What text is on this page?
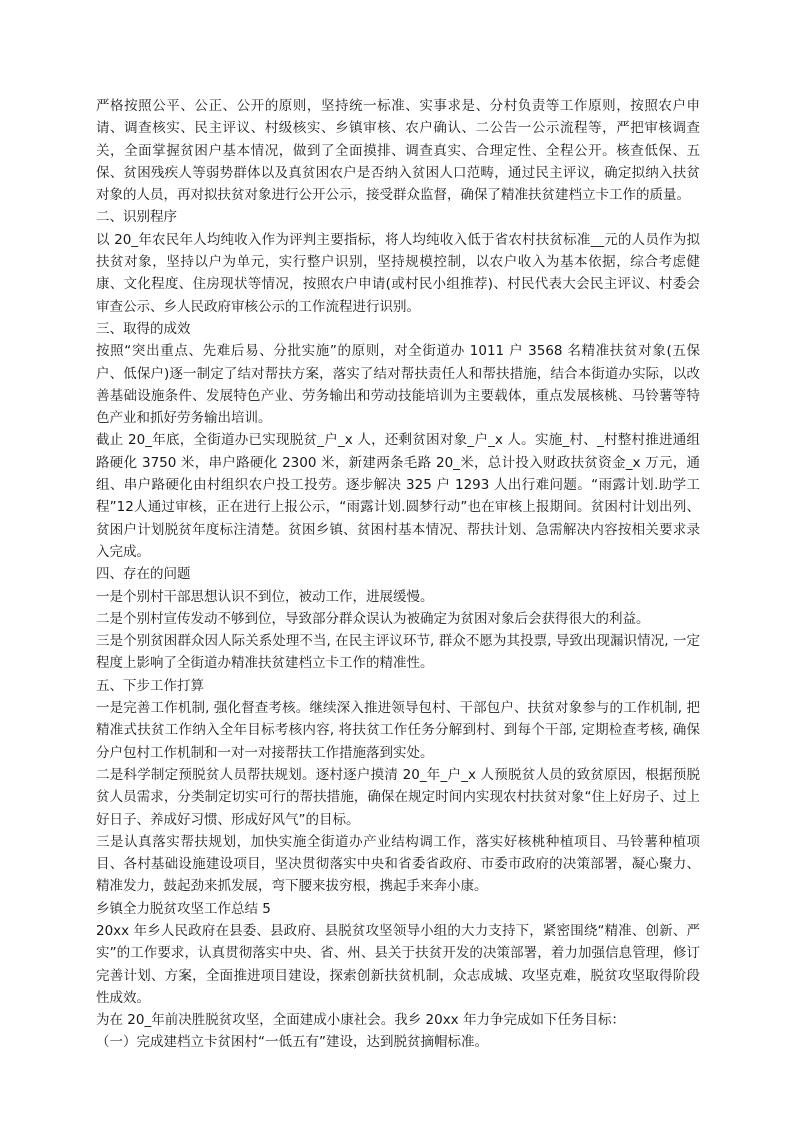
严格按照公平、公正、公开的原则，坚持统一标准、实事求是、分村负责等工作原则，按照农户申请、调查核实、民主评议、村级核实、乡镇审核、农户确认、二公告一公示流程等，严把审核调查关，全面掌握贫困户基本情况，做到了全面摸排、调查真实、合理定性、全程公开。核查低保、五保、贫困残疾人等弱势群体以及真贫困农户是否纳入贫困人口范畴，通过民主评议，确定拟纳入扶贫对象的人员，再对拟扶贫对象进行公开公示，接受群众监督，确保了精准扶贫建档立卡工作的质量。

二、识别程序

以 20_年农民年人均纯收入作为评判主要指标，将人均纯收入低于省农村扶贫标准__元的人员作为拟扶贫对象，坚持以户为单元，实行整户识别，坚持规模控制，以农户收入为基本依据，综合考虑健康、文化程度、住房现状等情况，按照农户申请(或村民小组推荐)、村民代表大会民主评议、村委会审查公示、乡人民政府审核公示的工作流程进行识别。

三、取得的成效

按照“突出重点、先难后易、分批实施”的原则，对全街道办 1011 户 3568 名精准扶贫对象(五保户、低保户)逐一制定了结对帮扶方案，落实了结对帮扶责任人和帮扶措施，结合本街道办实际，以改善基础设施条件、发展特色产业、劳务输出和劳动技能培训为主要载体，重点发展核桃、马铃薯等特色产业和抓好劳务输出培训。

截止 20_年底，全街道办已实现脱贫_户_x 人，还剩贫困对象_户_x 人。实施_村、_村整村推进通组路硬化 3750 米，串户路硬化 2300 米，新建两条毛路 20_米，总计投入财政扶贫资金_x 万元，通组、串户路硬化由村组织农户投工投劳。逐步解决 325 户 1293 人出行难问题。“雨露计划.助学工程”12人通过审核，正在进行上报公示，“雨露计划.圆梦行动”也在审核上报期间。贫困村计划出列、贫困户计划脱贫年度标注清楚。贫困乡镇、贫困村基本情况、帮扶计划、急需解决内容按相关要求录入完成。

四、存在的问题

一是个别村干部思想认识不到位，被动工作，进展缓慢。

二是个别村宣传发动不够到位，导致部分群众误认为被确定为贫困对象后会获得很大的利益。

三是个别贫困群众因人际关系处理不当, 在民主评议环节, 群众不愿为其投票, 导致出现漏识情况, 一定程度上影响了全街道办精准扶贫建档立卡工作的精准性。

五、下步工作打算

一是完善工作机制, 强化督查考核。继续深入推进领导包村、干部包户、扶贫对象参与的工作机制, 把精准式扶贫工作纳入全年目标考核内容, 将扶贫工作任务分解到村、到每个干部, 定期检查考核, 确保分户包村工作机制和一对一对接帮扶工作措施落到实处。

二是科学制定预脱贫人员帮扶规划。逐村逐户摸清 20_年_户_x 人预脱贫人员的致贫原因，根据预脱贫人员需求，分类制定切实可行的帮扶措施，确保在规定时间内实现农村扶贫对象“住上好房子、过上好日子、养成好习惯、形成好风气”的目标。

三是认真落实帮扶规划，加快实施全街道办产业结构调工作，落实好核桃种植项目、马铃薯种植项目、各村基础设施建设项目，坚决贯彻落实中央和省委省政府、市委市政府的决策部署，凝心聚力、精准发力，鼓起劲来抓发展，弯下腰来拔穷根，携起手来奔小康。

乡镇全力脱贫攻坚工作总结 5

20xx 年乡人民政府在县委、县政府、县脱贫攻坚领导小组的大力支持下，紧密围绕“精准、创新、严实”的工作要求，认真贯彻落实中央、省、州、县关于扶贫开发的决策部署，着力加强信息管理，修订完善计划、方案，全面推进项目建设，探索创新扶贫机制，众志成城、攻坚克难，脱贫攻坚取得阶段性成效。

为在 20_年前决胜脱贫攻坚，全面建成小康社会。我乡 20xx 年力争完成如下任务目标：

（一）完成建档立卡贫困村“一低五有”建设，达到脱贫摘帽标准。
